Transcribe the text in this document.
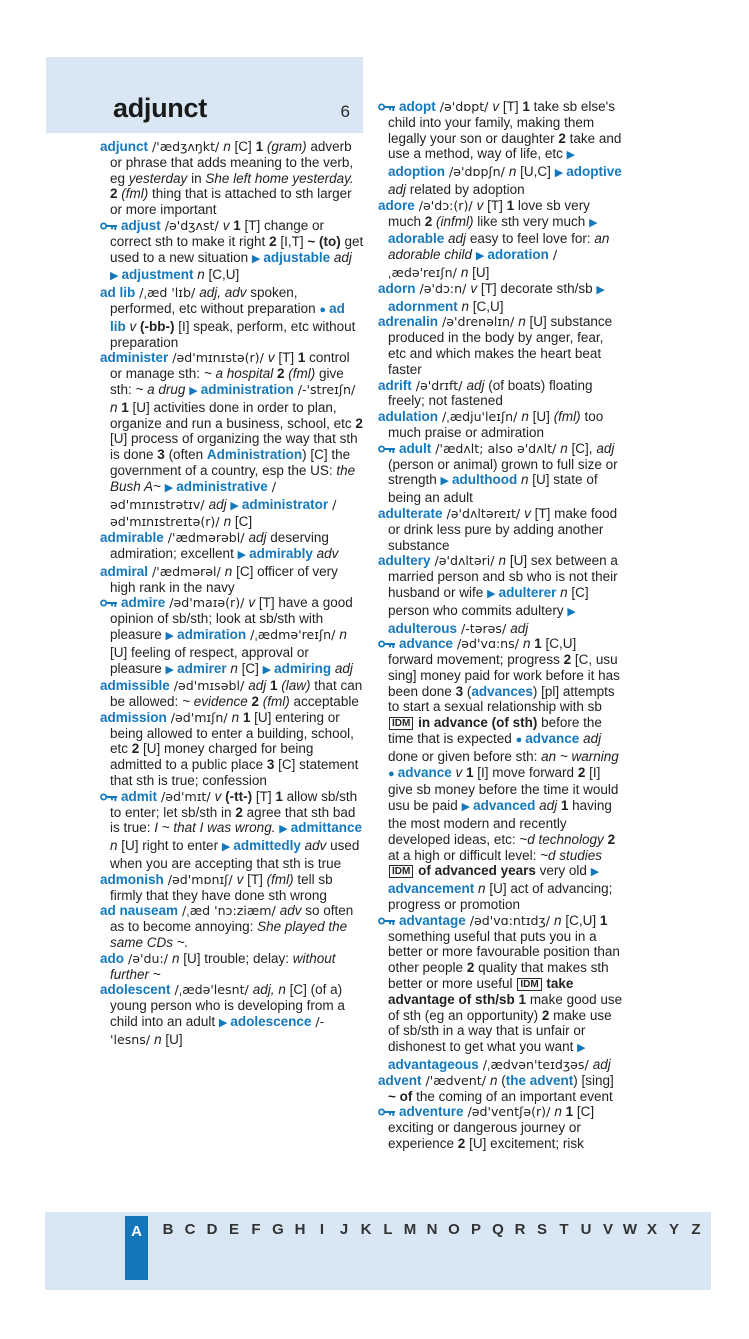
adjunct	6

adjunct /'ædʒʌŋkt/ n [C] 1 (gram) adverb or phrase that adds meaning to the verb, eg yesterday in She left home yesterday. 2 (fml) thing that is attached to sth larger or more important

adjust /ə'dʒʌst/ v 1 [T] change or correct sth to make it right 2 [I,T] ~ (to) get used to a new situation ▶ adjustable adj ▶ adjustment n [C,U]

ad lib /ˌæd 'lɪb/ adj, adv spoken, performed, etc without preparation ● ad lib v (-bb-) [I] speak, perform, etc without preparation

administer /əd'mɪnɪstə(r)/ v [T] 1 control or manage sth: ~ a hospital 2 (fml) give sth: ~ a drug ▶ administration /-'streɪʃn/ n 1 [U] activities done in order to plan, organize and run a business, school, etc 2 [U] process of organizing the way that sth is done 3 (often Administration) [C] the government of a country, esp the US: the Bush A~ ▶ administrative /əd'mɪnɪstrətɪv/ adj ▶ administrator /əd'mɪnɪstreɪtə(r)/ n [C]

admirable /'ædmərəbl/ adj deserving admiration; excellent ▶ admirably adv

admiral /'ædmərəl/ n [C] officer of very high rank in the navy

admire /əd'maɪə(r)/ v [T] have a good opinion of sb/sth; look at sb/sth with pleasure ▶ admiration /ˌædmə'reɪʃn/ n [U] feeling of respect, approval or pleasure ▶ admirer n [C] ▶ admiring adj

admissible /əd'mɪsəbl/ adj 1 (law) that can be allowed: ~ evidence 2 (fml) acceptable

admission /əd'mɪʃn/ n 1 [U] entering or being allowed to enter a building, school, etc 2 [U] money charged for being admitted to a public place 3 [C] statement that sth is true; confession

admit /əd'mɪt/ v (-tt-) [T] 1 allow sb/sth to enter; let sb/sth in 2 agree that sth bad is true: I ~ that I was wrong. ▶ admittance n [U] right to enter ▶ admittedly adv used when you are accepting that sth is true

admonish /əd'mɒnɪʃ/ v [T] (fml) tell sb firmly that they have done sth wrong

ad nauseam /ˌæd 'nɔ:ziæm/ adv so often as to become annoying: She played the same CDs ~.

ado /ə'du:/ n [U] trouble; delay: without further ~

adolescent /ˌædə'lesnt/ adj, n [C] (of a) young person who is developing from a child into an adult ▶ adolescence /-'lesns/ n [U]

adopt /ə'dɒpt/ v [T] 1 take sb else's child into your family, making them legally your son or daughter 2 take and use a method, way of life, etc ▶ adoption /ə'dɒpʃn/ n [U,C] ▶ adoptive adj related by adoption

adore /ə'dɔ:(r)/ v [T] 1 love sb very much 2 (infml) like sth very much ▶ adorable adj easy to feel love for: an adorable child ▶ adoration /ˌædə'reɪʃn/ n [U]

adorn /ə'dɔ:n/ v [T] decorate sth/sb ▶ adornment n [C,U]

adrenalin /ə'drenəlɪn/ n [U] substance produced in the body by anger, fear, etc and which makes the heart beat faster

adrift /ə'drɪft/ adj (of boats) floating freely; not fastened

adulation /ˌædju'leɪʃn/ n [U] (fml) too much praise or admiration

adult /'ædʌlt; also ə'dʌlt/ n [C], adj (person or animal) grown to full size or strength ▶ adulthood n [U] state of being an adult

adulterate /ə'dʌltəreɪt/ v [T] make food or drink less pure by adding another substance

adultery /ə'dʌltəri/ n [U] sex between a married person and sb who is not their husband or wife ▶ adulterer n [C] person who commits adultery ▶ adulterous /-tərəs/ adj

advance /əd'vɑ:ns/ n 1 [C,U] forward movement; progress 2 [C, usu sing] money paid for work before it has been done 3 (advances) [pl] attempts to start a sexual relationship with sb IDM in advance (of sth) before the time that is expected ● advance adj done or given before sth: an ~ warning ● advance v 1 [I] move forward 2 [I] give sb money before the time it would usu be paid ▶ advanced adj 1 having the most modern and recently developed ideas, etc: ~d technology 2 at a high or difficult level: ~d studies IDM of advanced years very old ▶ advancement n [U] act of advancing; progress or promotion

advantage /əd'vɑ:ntɪdʒ/ n [C,U] 1 something useful that puts you in a better or more favourable position than other people 2 quality that makes sth better or more useful IDM take advantage of sth/sb 1 make good use of sth (eg an opportunity) 2 make use of sb/sth in a way that is unfair or dishonest to get what you want ▶ advantageous /ˌædvən'teɪdʒəs/ adj

advent /'ædvent/ n (the advent) [sing] ~ of the coming of an important event

adventure /əd'ventʃə(r)/ n 1 [C] exciting or dangerous journey or experience 2 [U] excitement; risk

A	B C D E F G H I	J K L M N O P Q R S T U V W X Y Z
